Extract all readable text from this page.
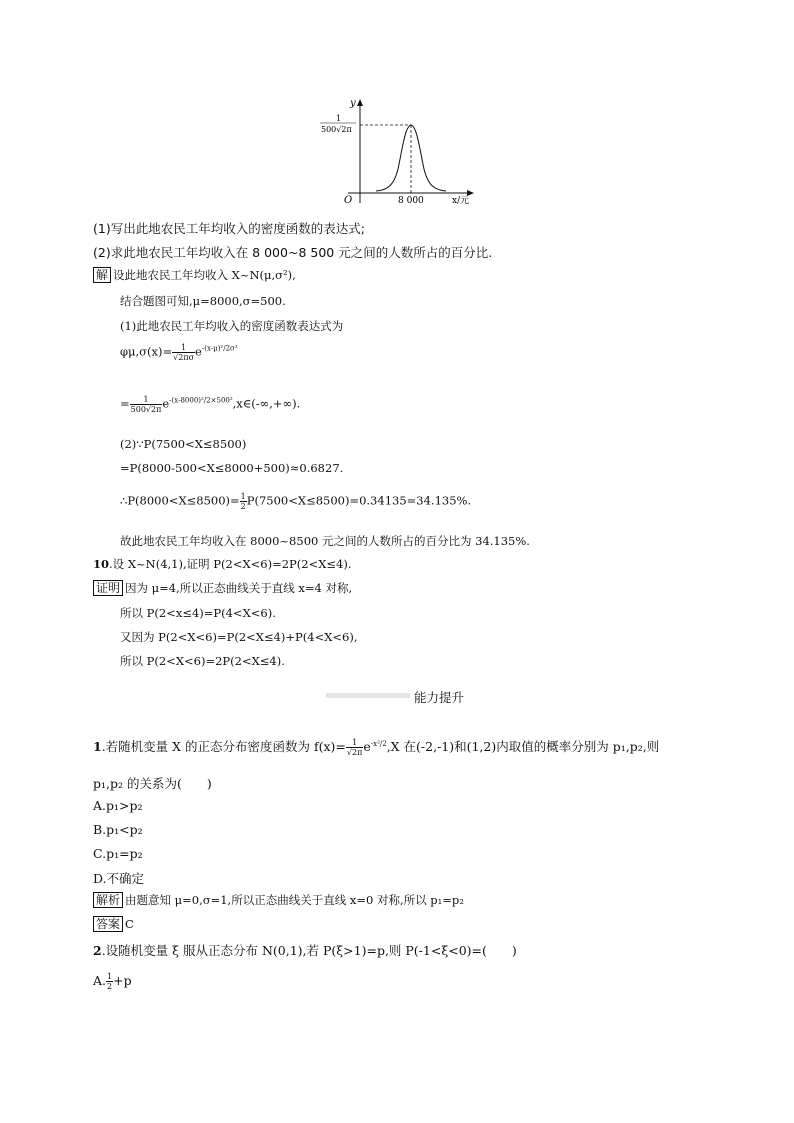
y
1
500√2π
O	8 000	x/元
(1)写出此地农民工年均收入的密度函数的表达式;
(2)求此地农民工年均收入在 8 000~8 500 元之间的人数所占的百分比.
解 设此地农民工年均收入 X~N(μ,σ²),
结合题图可知,μ=8000,σ=500.
(1)此地农民工年均收入的密度函数表达式为
$\varphi\mu,\sigma(x)= \frac{1}{√2\pi\sigma} e^{-(x-\mu)^2/2\sigma^2}$
= $\frac{1}{500√2\pi}$ $e^{-(x-8000)^2/2\times 500^2},x\in(-\infty,+\infty)$.
(2)∵P(7500<X≤8500)
=P(8000-500<X≤8000+500)≈0.6827.
∴P(8000<X≤8500)= $\frac{1}{2} P(7500<X\le 8500)=0.34135=34.135\%$.
故此地农民工年均收入在 8000~8500 元之间的人数所占的百分比为 34.135%.
10.设 X~N(4,1),证明 P(2<X<6)=2P(2<X≤4).
证明 因为 μ=4,所以正态曲线关于直线 x=4 对称,
所以 P(2<x≤4)=P(4<X<6).
又因为 P(2<X<6)=P(2<X≤4)+P(4<X<6),
所以 P(2<X<6)=2P(2<X≤4).
能力提升
1.若随机变量 X 的正态分布密度函数为 $f(x)= \frac{1}{√2\pi} e^{-x^2/2},X$ 在(-2,-1)和(1,2)内取值的概率分别为 p₁,p₂,则
p₁,p₂ 的关系为(　　)
A.p₁>p₂
B.p₁<p₂
C.p₁=p₂
D.不确定
解析 由题意知 μ=0,σ=1,所以正态曲线关于直线 x=0 对称,所以 p₁=p₂
答案 C
2.设随机变量 ξ 服从正态分布 N(0,1),若 P(ξ>1)=p,则 P(-1<ξ<0)=(　　)
A. $\frac{1}{2} +p$
